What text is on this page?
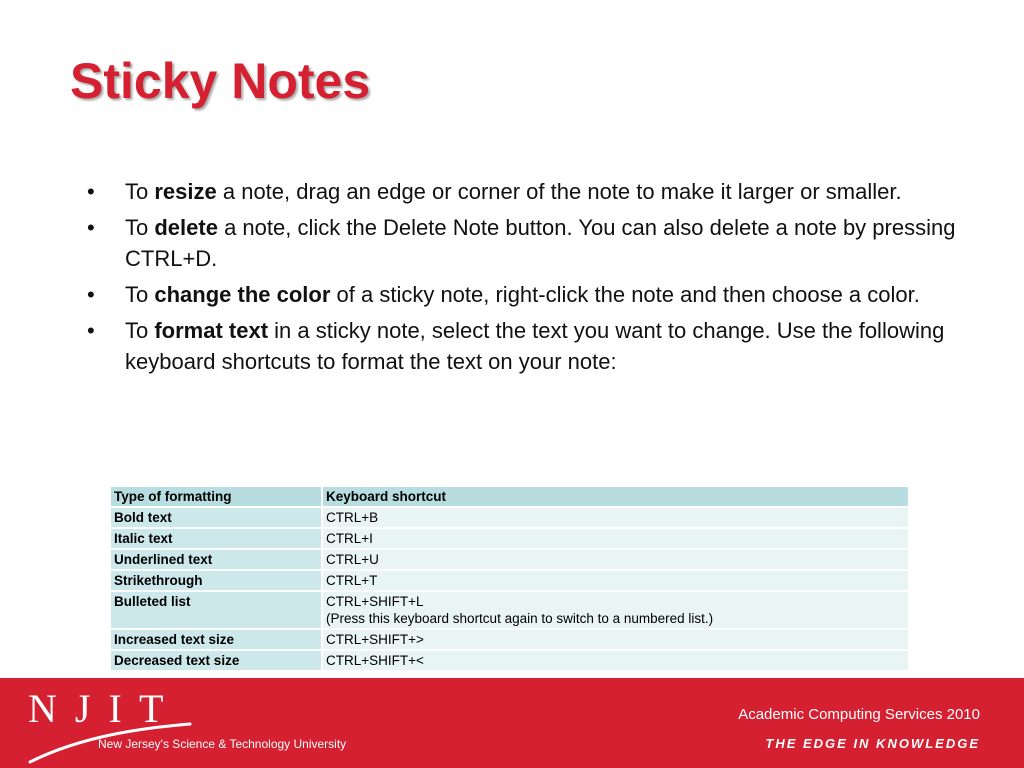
Sticky Notes
•	To resize a note, drag an edge or corner of the note to make it larger or smaller.
•	To delete a note, click the Delete Note button. You can also delete a note by pressing CTRL+D.
•	To change the color of a sticky note, right-click the note and then choose a color.
•	To format text in a sticky note, select the text you want to change. Use the following keyboard shortcuts to format the text on your note:
Type of formatting	Keyboard shortcut
Bold text	CTRL+B
Italic text	CTRL+I
Underlined text	CTRL+U
Strikethrough	CTRL+T
Bulleted list	CTRL+SHIFT+L
(Press this keyboard shortcut again to switch to a numbered list.)

Increased text size	CTRL+SHIFT+>
Decreased text size	CTRL+SHIFT+<
N J I T
New Jersey's Science & Technology University
Academic Computing Services 2010
THE EDGE IN KNOWLEDGE
